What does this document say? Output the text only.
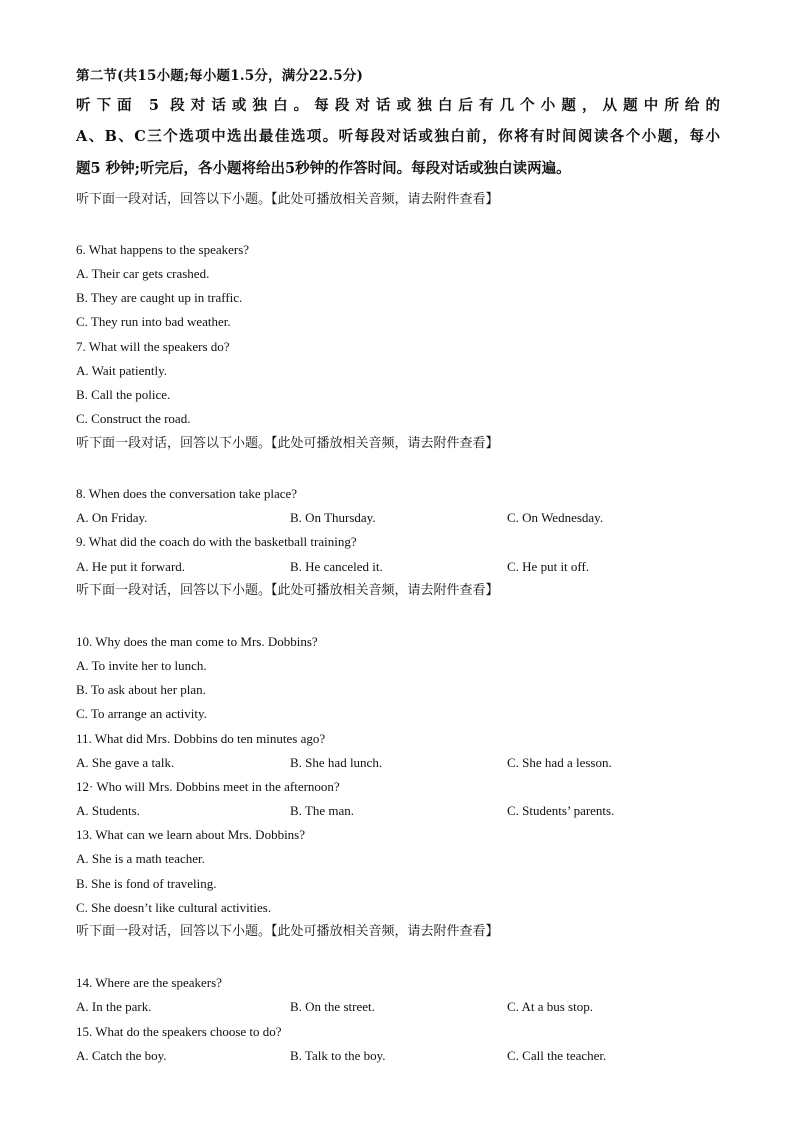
第二节(共15小题;每小题1.5分，满分22.5分)
听下面 5 段对话或独白。每段对话或独白后有几个小题，从题中所给的
A、B、C三个选项中选出最佳选项。听每段对话或独白前，你将有时间阅读各个小题，每小
题5 秒钟;听完后，各小题将给出5秒钟的作答时间。每段对话或独白读两遍。
听下面一段对话，回答以下小题。【此处可播放相关音频，请去附件查看】
6. What happens to the speakers?
A. Their car gets crashed.
B. They are caught up in traffic.
C. They run into bad weather.
7. What will the speakers do?
A. Wait patiently.
B. Call the police.
C. Construct the road.
听下面一段对话，回答以下小题。【此处可播放相关音频，请去附件查看】
8. When does the conversation take place?
A. On Friday.	B. On Thursday.	C. On Wednesday.
9. What did the coach do with the basketball training?
A. He put it forward.	B. He canceled it.	C. He put it off.
听下面一段对话，回答以下小题。【此处可播放相关音频，请去附件查看】
10. Why does the man come to Mrs. Dobbins?
A. To invite her to lunch.
B. To ask about her plan.
C. To arrange an activity.
11. What did Mrs. Dobbins do ten minutes ago?
A. She gave a talk.	B. She had lunch.	C. She had a lesson.
12· Who will Mrs. Dobbins meet in the afternoon?
A. Students.	B. The man.	C. Students’ parents.
13. What can we learn about Mrs. Dobbins?
A. She is a math teacher.
B. She is fond of traveling.
C. She doesn’t like cultural activities.
听下面一段对话，回答以下小题。【此处可播放相关音频，请去附件查看】
14. Where are the speakers?
A. In the park.	B. On the street.	C. At a bus stop.
15. What do the speakers choose to do?
A. Catch the boy.	B. Talk to the boy.	C. Call the teacher.
